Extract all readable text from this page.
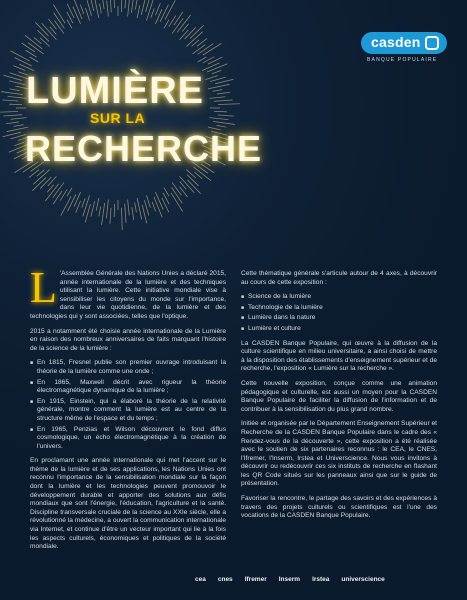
casden
BANQUE POPULAIRE
LUMIÈRE
SUR LA
RECHERCHE

L 'Assemblée Générale des Nations Unies a déclaré 2015, année internationale de la lumière et des techniques utilisant la lumière. Cette initiative mondiale vise à sensibiliser les citoyens du monde sur l'importance, dans leur vie quotidienne, de la lumière et des technologies qui y sont associées, telles que l'optique.

2015 a notamment été choisie année internationale de la Lumière en raison des nombreux anniversaires de faits marquant l'histoire de la science de la lumière :

■ En 1815, Fresnel publie son premier ouvrage introduisant la théorie de la lumière comme une onde ;
■ En 1865, Maxwell décrit avec rigueur la théorie électromagnétique dynamique de la lumière ;
■ En 1915, Einstein, qui a élaboré la théorie de la relativité générale, montre comment la lumière est au centre de la structure même de l'espace et du temps ;
■ En 1965, Penzias et Wilson découvrent le fond diffus cosmologique, un écho électromagnétique à la création de l'univers.

En proclamant une année internationale qui met l'accent sur le thème de la lumière et de ses applications, les Nations Unies ont reconnu l'importance de la sensibilisation mondiale sur la façon dont la lumière et les technologies peuvent promouvoir le développement durable et apporter des solutions aux défis mondiaux que sont l'énergie, l'éducation, l'agriculture et la santé. Discipline transversale cruciale de la science au XXIe siècle, elle a révolutionné la médecine, a ouvert la communication internationale via Internet, et continue d'être un vecteur important qui lie à la fois les aspects culturels, économiques et politiques de la société mondiale.

Cette thématique générale s'articule autour de 4 axes, à découvrir au cours de cette exposition :

■ Science de la lumière
■ Technologie de la lumière
■ Lumière dans la nature
■ Lumière et culture

La CASDEN Banque Populaire, qui œuvre à la diffusion de la culture scientifique en milieu universitaire, a ainsi choisi de mettre à la disposition des établissements d'enseignement supérieur et de recherche, l'exposition « Lumière sur la recherche ».

Cette nouvelle exposition, conçue comme une animation pédagogique et culturelle, est aussi un moyen pour la CASDEN Banque Populaire de faciliter la diffusion de l'information et de contribuer à la sensibilisation du plus grand nombre.

Initiée et organisée par le Département Enseignement Supérieur et Recherche de la CASDEN Banque Populaire dans le cadre des « Rendez-vous de la découverte », cette exposition a été réalisée avec le soutien de six partenaires reconnus : le CEA, le CNES, l'Ifremer, l'Inserm, Irstea et Universcience. Nous vous invitons à découvrir ou redécouvrir ces six instituts de recherche en flashant les QR Code situés sur les panneaux ainsi que sur le guide de présentation.

Favoriser la rencontre, le partage des savoirs et des expériences à travers des projets culturels ou scientifiques est l'une des vocations de la CASDEN Banque Populaire.

cea cnes Ifremer Inserm Irstea universcience
